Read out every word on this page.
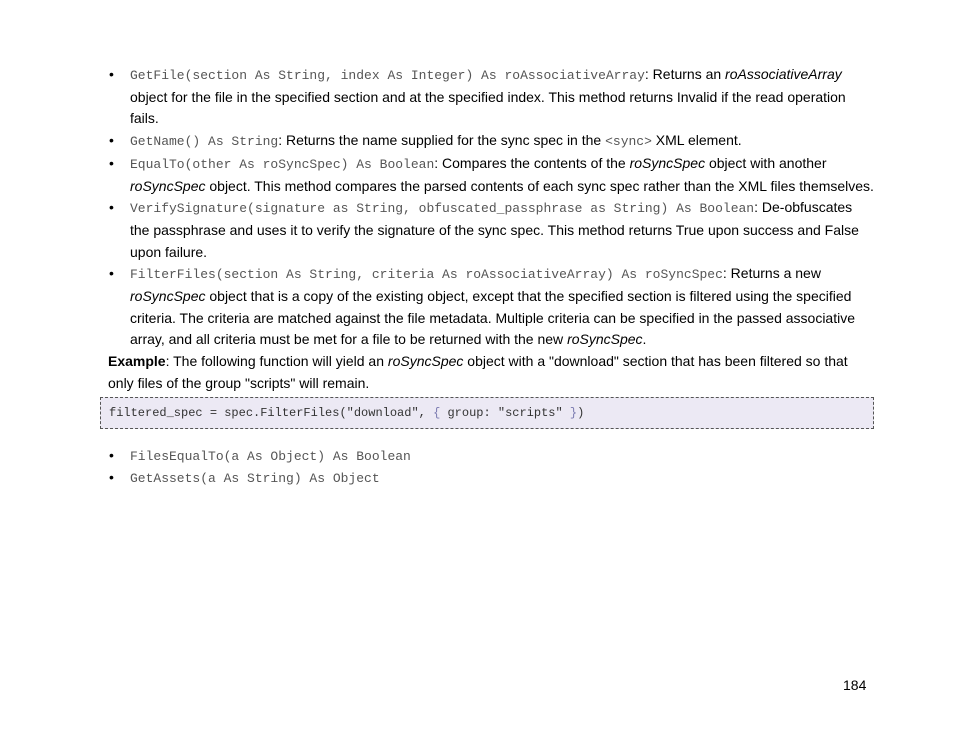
• GetFile(section As String, index As Integer) As roAssociativeArray: Returns an roAssociativeArray object for the file in the specified section and at the specified index. This method returns Invalid if the read operation fails.
• GetName() As String: Returns the name supplied for the sync spec in the <sync> XML element.
• EqualTo(other As roSyncSpec) As Boolean: Compares the contents of the roSyncSpec object with another roSyncSpec object. This method compares the parsed contents of each sync spec rather than the XML files themselves.
• VerifySignature(signature as String, obfuscated_passphrase as String) As Boolean: De-obfuscates the passphrase and uses it to verify the signature of the sync spec. This method returns True upon success and False upon failure.
• FilterFiles(section As String, criteria As roAssociativeArray) As roSyncSpec: Returns a new roSyncSpec object that is a copy of the existing object, except that the specified section is filtered using the specified criteria. The criteria are matched against the file metadata. Multiple criteria can be specified in the passed associative array, and all criteria must be met for a file to be returned with the new roSyncSpec.
Example: The following function will yield an roSyncSpec object with a "download" section that has been filtered so that only files of the group "scripts" will remain.
filtered_spec = spec.FilterFiles("download", { group: "scripts" })
• FilesEqualTo(a As Object) As Boolean
• GetAssets(a As String) As Object
184
